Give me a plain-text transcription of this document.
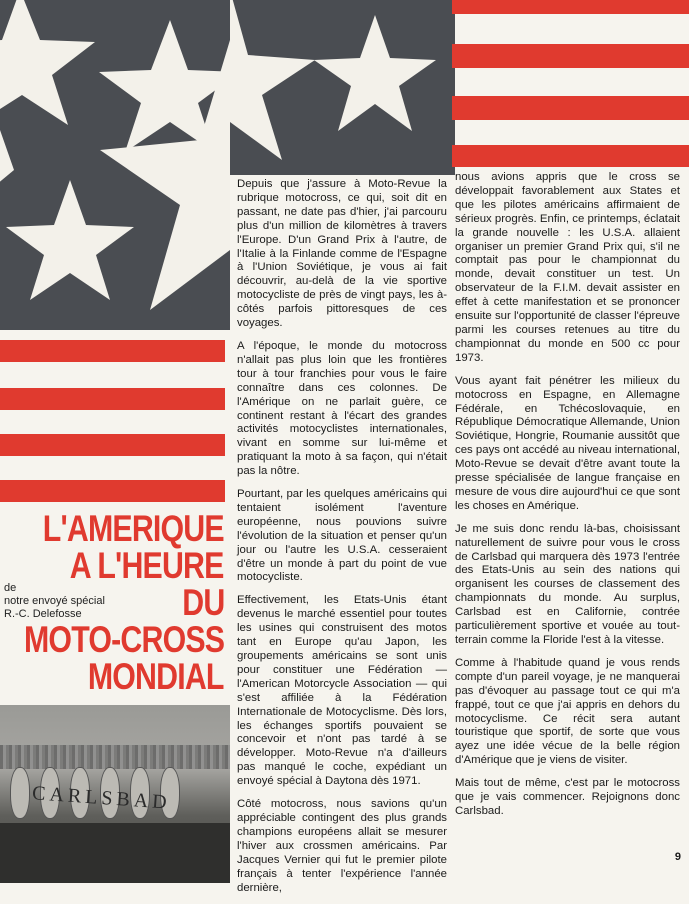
Depuis que j'assure à Moto-Revue la rubrique motocross, ce qui, soit dit en passant, ne date pas d'hier, j'ai parcouru plus d'un million de kilomètres à travers l'Europe. D'un Grand Prix à l'autre, de l'Italie à la Finlande comme de l'Espagne à l'Union Soviétique, je vous ai fait découvrir, au-delà de la vie sportive motocycliste de près de vingt pays, les à-côtés parfois pittoresques de ces voyages.

A l'époque, le monde du motocross n'allait pas plus loin que les frontières tour à tour franchies pour vous le faire connaître dans ces colonnes. De l'Amérique on ne parlait guère, ce continent restant à l'écart des grandes activités motocyclistes internationales, vivant en somme sur lui-même et pratiquant la moto à sa façon, qui n'était pas la nôtre.

Pourtant, par les quelques américains qui tentaient isolément l'aventure européenne, nous pouvions suivre l'évolution de la situation et penser qu'un jour ou l'autre les U.S.A. cesseraient d'être un monde à part du point de vue motocycliste.

Effectivement, les Etats-Unis étant devenus le marché essentiel pour toutes les usines qui construisent des motos tant en Europe qu'au Japon, les groupements américains se sont unis pour constituer une Fédération — l'American Motorcycle Association — qui s'est affiliée à la Fédération Internationale de Motocyclisme. Dès lors, les échanges sportifs pouvaient se concevoir et n'ont pas tardé à se développer. Moto-Revue n'a d'ailleurs pas manqué le coche, expédiant un envoyé spécial à Daytona dès 1971.

Côté motocross, nous savions qu'un appréciable contingent des plus grands champions européens allait se mesurer l'hiver aux crossmen américains. Par Jacques Vernier qui fut le premier pilote français à tenter l'expérience l'année dernière,

nous avions appris que le cross se développait favorablement aux States et que les pilotes américains affirmaient de sérieux progrès. Enfin, ce printemps, éclatait la grande nouvelle : les U.S.A. allaient organiser un premier Grand Prix qui, s'il ne comptait pas pour le championnat du monde, devait constituer un test. Un observateur de la F.I.M. devait assister en effet à cette manifestation et se prononcer ensuite sur l'opportunité de classer l'épreuve parmi les courses retenues au titre du championnat du monde en 500 cc pour 1973.

Vous ayant fait pénétrer les milieux du motocross en Espagne, en Allemagne Fédérale, en Tchécoslovaquie, en République Démocratique Allemande, Union Soviétique, Hongrie, Roumanie aussitôt que ces pays ont accédé au niveau international, Moto-Revue se devait d'être avant toute la presse spécialisée de langue française en mesure de vous dire aujourd'hui ce que sont les choses en Amérique.

Je me suis donc rendu là-bas, choisissant naturellement de suivre pour vous le cross de Carlsbad qui marquera dès 1973 l'entrée des Etats-Unis au sein des nations qui organisent les courses de classement des championnats du monde. Au surplus, Carlsbad est en Californie, contrée particulièrement sportive et vouée au tout-terrain comme la Floride l'est à la vitesse.

Comme à l'habitude quand je vous rends compte d'un pareil voyage, je ne manquerai pas d'évoquer au passage tout ce qui m'a frappé, tout ce que j'ai appris en dehors du motocyclisme. Ce récit sera autant touristique que sportif, de sorte que vous ayez une idée vécue de la belle région d'Amérique que je viens de visiter.

Mais tout de même, c'est par le motocross que je vais commencer. Rejoignons donc Carlsbad.

L'AMERIQUE
A L'HEURE
DU
MOTO-CROSS
MONDIAL
de
notre envoyé spécial
R.-C. Delefosse
CARLSBAD
9
